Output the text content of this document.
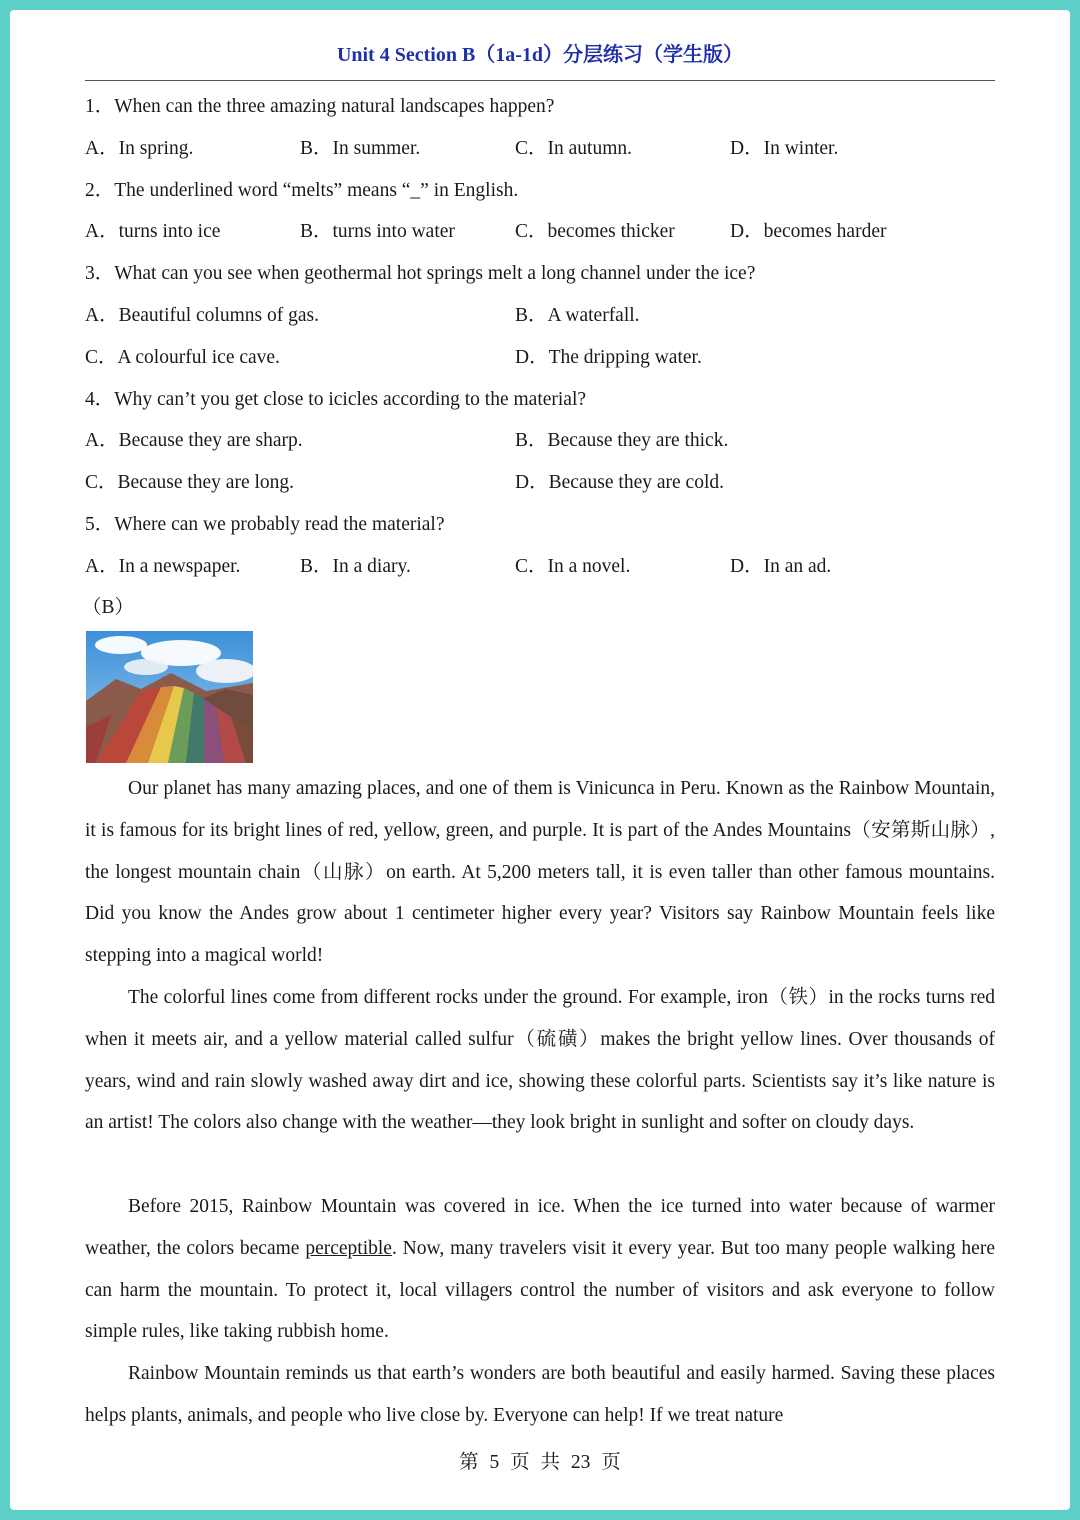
Unit 4 Section B（1a-1d）分层练习（学生版）
1．When can the three amazing natural landscapes happen?
A．In spring.	B．In summer.	C．In autumn.	D．In winter.
2．The underlined word “melts” means “_” in English.
A．turns into ice	B．turns into water	C．becomes thicker	D．becomes harder
3．What can you see when geothermal hot springs melt a long channel under the ice?
A．Beautiful columns of gas.	B．A waterfall.
C．A colourful ice cave.	D．The dripping water.
4．Why can’t you get close to icicles according to the material?
A．Because they are sharp.	B．Because they are thick.
C．Because they are long.	D．Because they are cold.
5．Where can we probably read the material?
A．In a newspaper.	B．In a diary.	C．In a novel.	D．In an ad.
（B）
Our planet has many amazing places, and one of them is Vinicunca in Peru. Known as the Rainbow Mountain, it is famous for its bright lines of red, yellow, green, and purple. It is part of the Andes Mountains（安第斯山脉）, the longest mountain chain（山脉）on earth. At 5,200 meters tall, it is even taller than other famous mountains. Did you know the Andes grow about 1 centimeter higher every year? Visitors say Rainbow Mountain feels like stepping into a magical world!
The colorful lines come from different rocks under the ground. For example, iron（铁）in the rocks turns red when it meets air, and a yellow material called sulfur（硫磺）makes the bright yellow lines. Over thousands of years, wind and rain slowly washed away dirt and ice, showing these colorful parts. Scientists say it’s like nature is an artist! The colors also change with the weather—they look bright in sunlight and softer on cloudy days.
Before 2015, Rainbow Mountain was covered in ice. When the ice turned into water because of warmer weather, the colors became perceptible. Now, many travelers visit it every year. But too many people walking here can harm the mountain. To protect it, local villagers control the number of visitors and ask everyone to follow simple rules, like taking rubbish home.
Rainbow Mountain reminds us that earth’s wonders are both beautiful and easily harmed. Saving these places helps plants, animals, and people who live close by. Everyone can help! If we treat nature
第 5 页 共 23 页
